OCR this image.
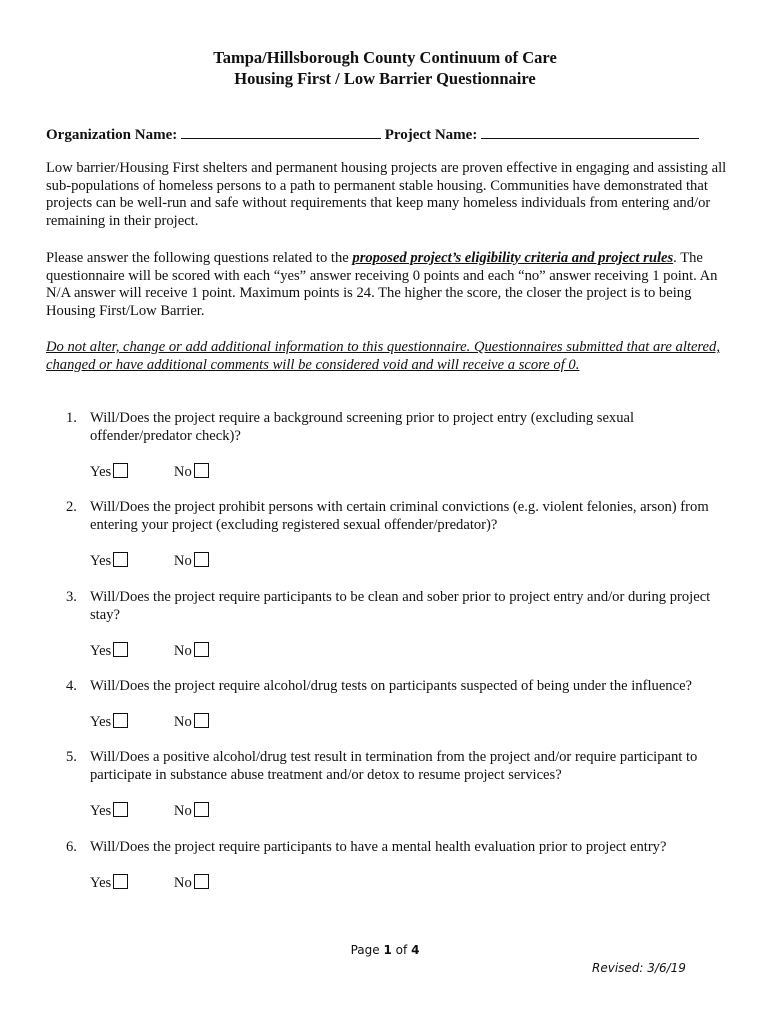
Tampa/Hillsborough County Continuum of Care
Housing First / Low Barrier Questionnaire
Organization Name:	Project Name:

Low barrier/Housing First shelters and permanent housing projects are proven effective in engaging and assisting all sub-populations of homeless persons to a path to permanent stable housing. Communities have demonstrated that projects can be well-run and safe without requirements that keep many homeless individuals from entering and/or remaining in their project.

Please answer the following questions related to the proposed project’s eligibility criteria and project rules. The questionnaire will be scored with each “yes” answer receiving 0 points and each “no” answer receiving 1 point. An N/A answer will receive 1 point. Maximum points is 24. The higher the score, the closer the project is to being Housing First/Low Barrier.

Do not alter, change or add additional information to this questionnaire. Questionnaires submitted that are altered, changed or have additional comments will be considered void and will receive a score of 0.

1. Will/Does the project require a background screening prior to project entry (excluding sexual offender/predator check)?
Yes	No
2. Will/Does the project prohibit persons with certain criminal convictions (e.g. violent felonies, arson) from entering your project (excluding registered sexual offender/predator)?
Yes	No
3. Will/Does the project require participants to be clean and sober prior to project entry and/or during project stay?
Yes	No
4. Will/Does the project require alcohol/drug tests on participants suspected of being under the influence?
Yes	No
5. Will/Does a positive alcohol/drug test result in termination from the project and/or require participant to participate in substance abuse treatment and/or detox to resume project services?
Yes	No
6. Will/Does the project require participants to have a mental health evaluation prior to project entry?
Yes	No
Page 1 of 4
Revised: 3/6/19
